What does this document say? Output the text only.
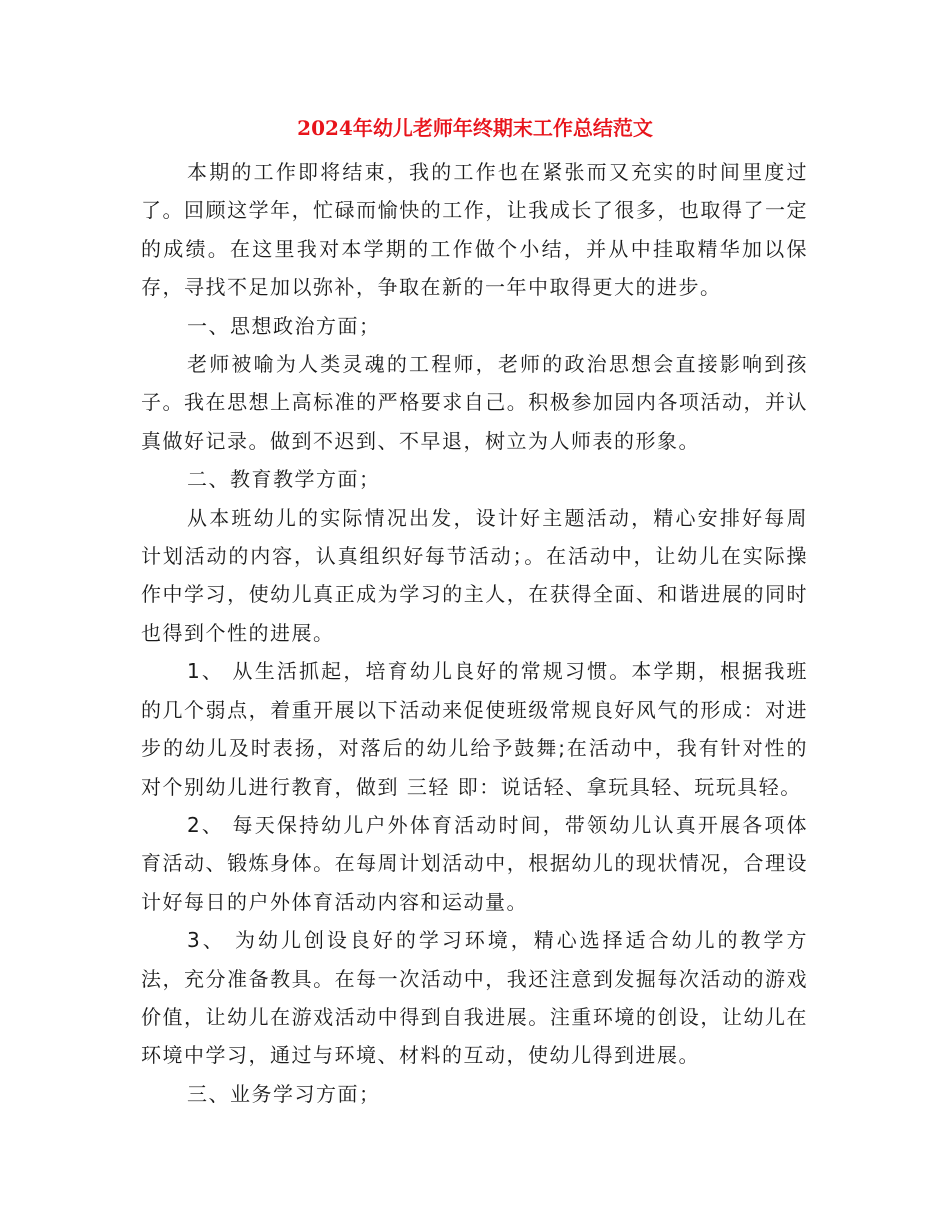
2024年幼儿老师年终期末工作总结范文

本期的工作即将结束，我的工作也在紧张而又充实的时间里度过了。回顾这学年，忙碌而愉快的工作，让我成长了很多，也取得了一定的成绩。在这里我对本学期的工作做个小结，并从中挂取精华加以保存，寻找不足加以弥补，争取在新的一年中取得更大的进步。

一、思想政治方面；

老师被喻为人类灵魂的工程师，老师的政治思想会直接影响到孩子。我在思想上高标准的严格要求自己。积极参加园内各项活动，并认真做好记录。做到不迟到、不早退，树立为人师表的形象。

二、教育教学方面；

从本班幼儿的实际情况出发，设计好主题活动，精心安排好每周计划活动的内容，认真组织好每节活动；。在活动中，让幼儿在实际操作中学习，使幼儿真正成为学习的主人，在获得全面、和谐进展的同时也得到个性的进展。

1、 从生活抓起，培育幼儿良好的常规习惯。本学期，根据我班的几个弱点，着重开展以下活动来促使班级常规良好风气的形成：对进步的幼儿及时表扬，对落后的幼儿给予鼓舞;在活动中，我有针对性的对个别幼儿进行教育，做到 三轻 即：说话轻、拿玩具轻、玩玩具轻。

2、 每天保持幼儿户外体育活动时间，带领幼儿认真开展各项体育活动、锻炼身体。在每周计划活动中，根据幼儿的现状情况，合理设计好每日的户外体育活动内容和运动量。

3、 为幼儿创设良好的学习环境，精心选择适合幼儿的教学方法，充分准备教具。在每一次活动中，我还注意到发掘每次活动的游戏价值，让幼儿在游戏活动中得到自我进展。注重环境的创设，让幼儿在环境中学习，通过与环境、材料的互动，使幼儿得到进展。

三、业务学习方面；
